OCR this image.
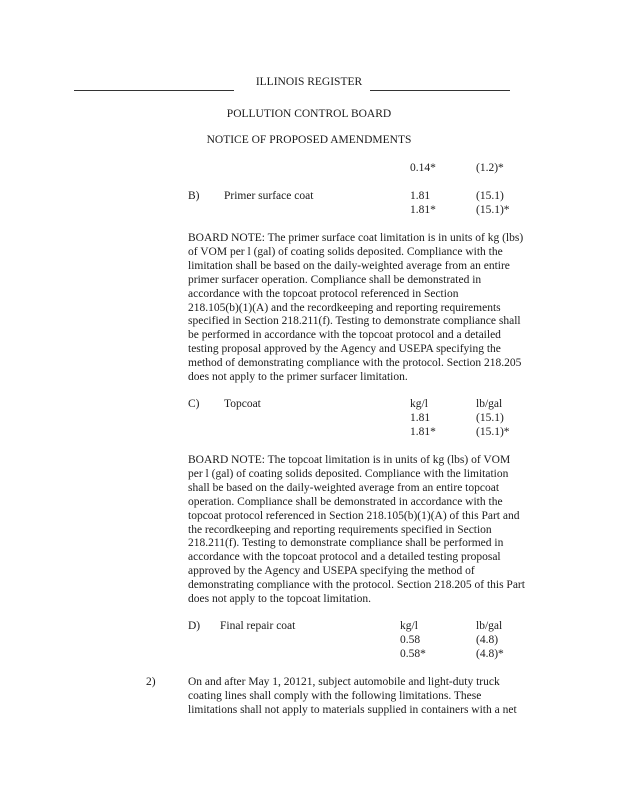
ILLINOIS REGISTER
POLLUTION CONTROL BOARD
NOTICE OF PROPOSED AMENDMENTS
0.14*	(1.2)*
B) Primer surface coat	1.81	(15.1)
1.81*	(15.1)*
BOARD NOTE: The primer surface coat limitation is in units of kg (lbs)
of VOM per l (gal) of coating solids deposited. Compliance with the
limitation shall be based on the daily-weighted average from an entire
primer surfacer operation. Compliance shall be demonstrated in
accordance with the topcoat protocol referenced in Section
218.105(b)(1)(A) and the recordkeeping and reporting requirements
specified in Section 218.211(f). Testing to demonstrate compliance shall
be performed in accordance with the topcoat protocol and a detailed
testing proposal approved by the Agency and USEPA specifying the
method of demonstrating compliance with the protocol. Section 218.205
does not apply to the primer surfacer limitation.
C) Topcoat	kg/l	lb/gal
1.81	(15.1)
1.81*	(15.1)*
BOARD NOTE: The topcoat limitation is in units of kg (lbs) of VOM
per l (gal) of coating solids deposited. Compliance with the limitation
shall be based on the daily-weighted average from an entire topcoat
operation. Compliance shall be demonstrated in accordance with the
topcoat protocol referenced in Section 218.105(b)(1)(A) of this Part and
the recordkeeping and reporting requirements specified in Section
218.211(f). Testing to demonstrate compliance shall be performed in
accordance with the topcoat protocol and a detailed testing proposal
approved by the Agency and USEPA specifying the method of
demonstrating compliance with the protocol. Section 218.205 of this Part
does not apply to the topcoat limitation.
D) Final repair coat	kg/l	lb/gal
0.58	(4.8)
0.58*	(4.8)*
2)	On and after May 1, 20121, subject automobile and light-duty truck
coating lines shall comply with the following limitations. These
limitations shall not apply to materials supplied in containers with a net
